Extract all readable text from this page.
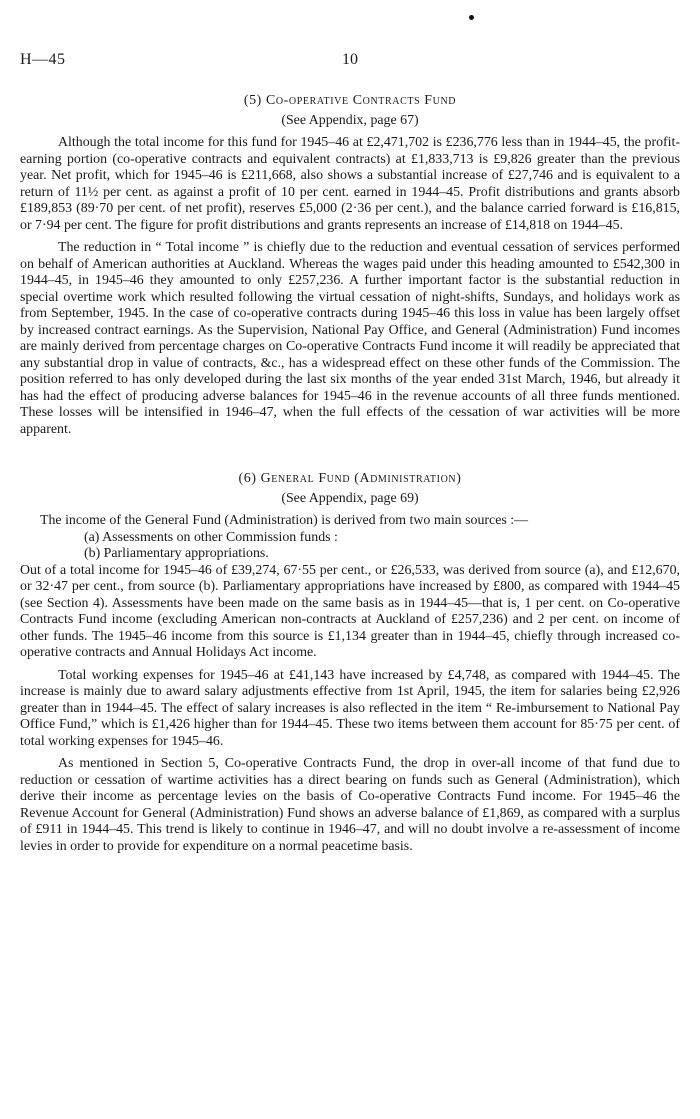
H—45	10
(5) Co-operative Contracts Fund
(See Appendix, page 67)

Although the total income for this fund for 1945–46 at £2,471,702 is £236,776 less than in 1944–45, the profit-earning portion (co-operative contracts and equivalent contracts) at £1,833,713 is £9,826 greater than the previous year. Net profit, which for 1945–46 is £211,668, also shows a substantial increase of £27,746 and is equivalent to a return of 11½ per cent. as against a profit of 10 per cent. earned in 1944–45. Profit distributions and grants absorb £189,853 (89·70 per cent. of net profit), reserves £5,000 (2·36 per cent.), and the balance carried forward is £16,815, or 7·94 per cent. The figure for profit distributions and grants represents an increase of £14,818 on 1944–45.

The reduction in “ Total income ” is chiefly due to the reduction and eventual cessation of services performed on behalf of American authorities at Auckland. Whereas the wages paid under this heading amounted to £542,300 in 1944–45, in 1945–46 they amounted to only £257,236. A further important factor is the substantial reduction in special overtime work which resulted following the virtual cessation of night-shifts, Sundays, and holidays work as from September, 1945. In the case of co-operative contracts during 1945–46 this loss in value has been largely offset by increased contract earnings. As the Supervision, National Pay Office, and General (Administration) Fund incomes are mainly derived from percentage charges on Co-operative Contracts Fund income it will readily be appreciated that any substantial drop in value of contracts, &c., has a widespread effect on these other funds of the Commission. The position referred to has only developed during the last six months of the year ended 31st March, 1946, but already it has had the effect of producing adverse balances for 1945–46 in the revenue accounts of all three funds mentioned. These losses will be intensified in 1946–47, when the full effects of the cessation of war activities will be more apparent.

(6) General Fund (Administration)
(See Appendix, page 69)

The income of the General Fund (Administration) is derived from two main sources :—

(a) Assessments on other Commission funds :
(b) Parliamentary appropriations.

Out of a total income for 1945–46 of £39,274, 67·55 per cent., or £26,533, was derived from source (a), and £12,670, or 32·47 per cent., from source (b). Parliamentary appropriations have increased by £800, as compared with 1944–45 (see Section 4). Assessments have been made on the same basis as in 1944–45—that is, 1 per cent. on Co-operative Contracts Fund income (excluding American non-contracts at Auckland of £257,236) and 2 per cent. on income of other funds. The 1945–46 income from this source is £1,134 greater than in 1944–45, chiefly through increased co-operative contracts and Annual Holidays Act income.

Total working expenses for 1945–46 at £41,143 have increased by £4,748, as compared with 1944–45. The increase is mainly due to award salary adjustments effective from 1st April, 1945, the item for salaries being £2,926 greater than in 1944–45. The effect of salary increases is also reflected in the item “ Re-imbursement to National Pay Office Fund,” which is £1,426 higher than for 1944–45. These two items between them account for 85·75 per cent. of total working expenses for 1945–46.

As mentioned in Section 5, Co-operative Contracts Fund, the drop in over-all income of that fund due to reduction or cessation of wartime activities has a direct bearing on funds such as General (Administration), which derive their income as percentage levies on the basis of Co-operative Contracts Fund income. For 1945–46 the Revenue Account for General (Administration) Fund shows an adverse balance of £1,869, as compared with a surplus of £911 in 1944–45. This trend is likely to continue in 1946–47, and will no doubt involve a re-assessment of income levies in order to provide for expenditure on a normal peacetime basis.
